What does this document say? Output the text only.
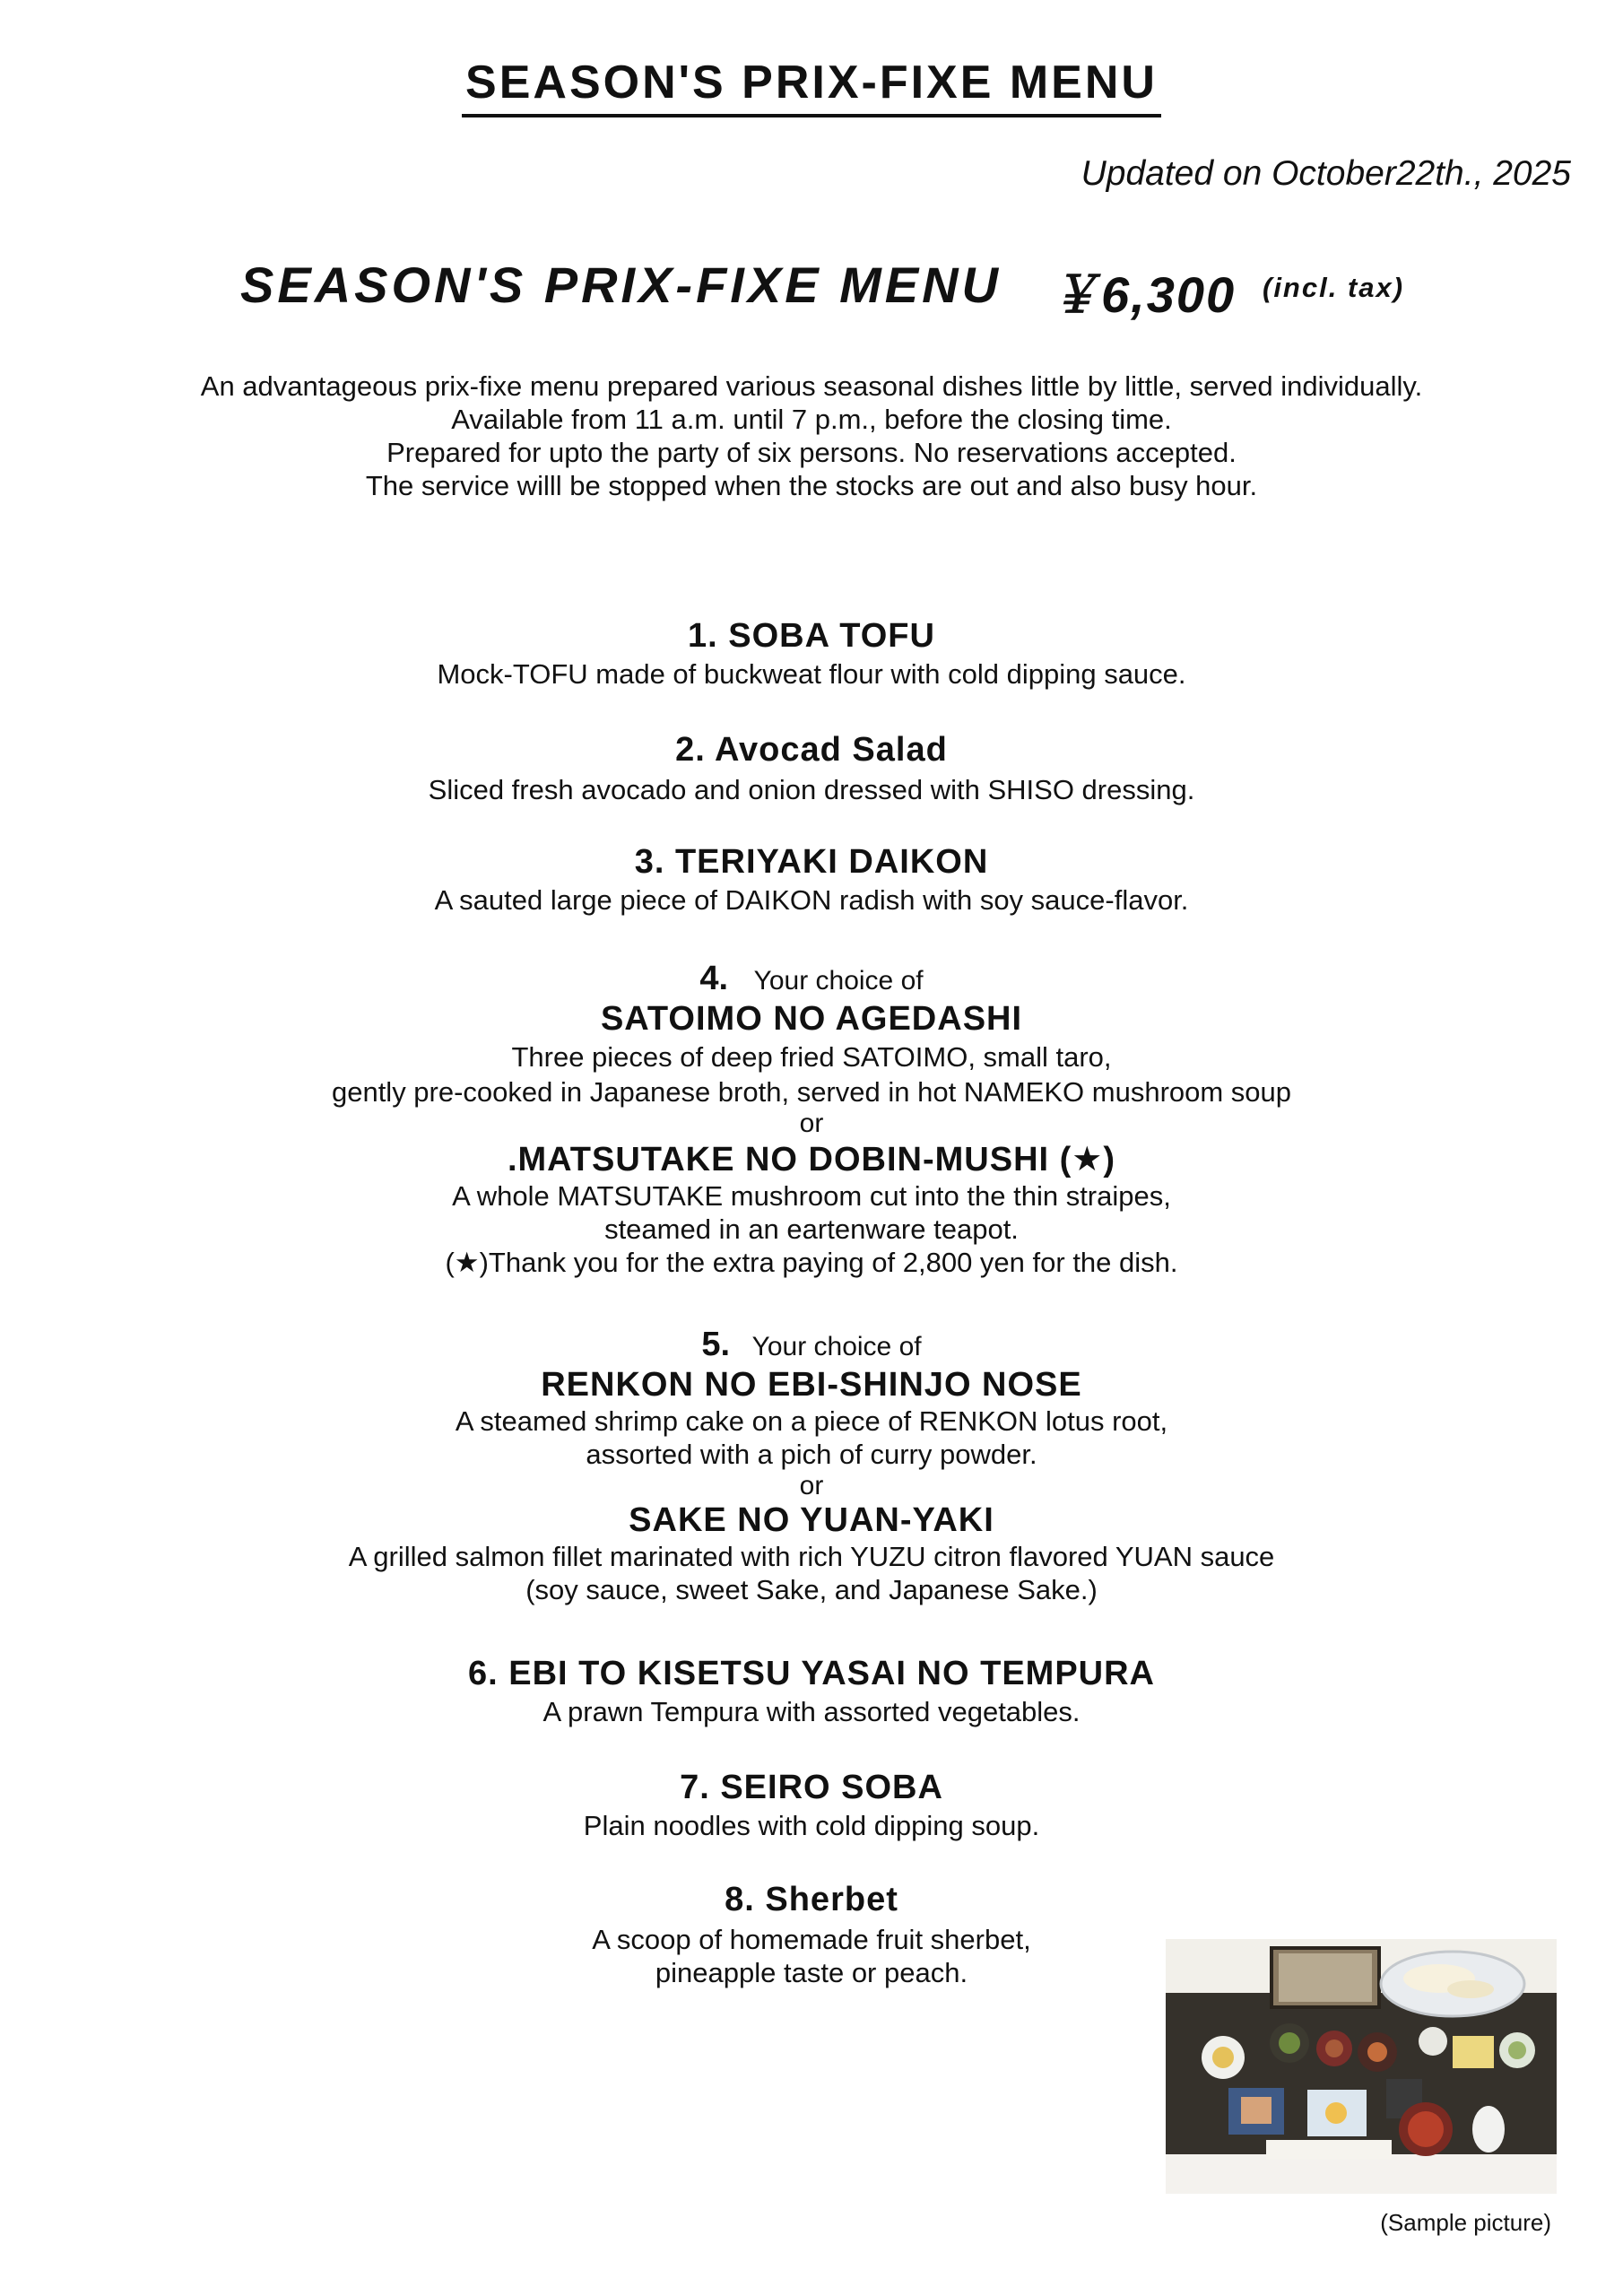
SEASON'S PRIX-FIXE MENU
Updated on October22th., 2025
SEASON'S PRIX-FIXE MENU ￥6,300 (incl. tax)
An advantageous prix-fixe menu prepared various seasonal dishes little by little, served individually.
Available from 11 a.m. until 7 p.m., before the closing time.
Prepared for upto the party of six persons. No reservations accepted.
The service willl be stopped when the stocks are out and also busy hour.
1. SOBA TOFU
Mock-TOFU made of buckweat flour with cold dipping sauce.
2. Avocad Salad
Sliced fresh avocado and onion dressed with SHISO dressing.
3. TERIYAKI DAIKON
A sauted large piece of DAIKON radish with soy sauce-flavor.
4. Your choice of
SATOIMO NO AGEDASHI
Three pieces of deep fried SATOIMO, small taro,
gently pre-cooked in Japanese broth, served in hot NAMEKO mushroom soup
or
.MATSUTAKE NO DOBIN-MUSHI (★)
A whole MATSUTAKE mushroom cut into the thin straipes,
steamed in an eartenware teapot.
(★)Thank you for the extra paying of 2,800 yen for the dish.
5. Your choice of
RENKON NO EBI-SHINJO NOSE
A steamed shrimp cake on a piece of RENKON lotus root,
assorted with a pich of curry powder.
or
SAKE NO YUAN-YAKI
A grilled salmon fillet marinated with rich YUZU citron flavored YUAN sauce
(soy sauce, sweet Sake, and Japanese Sake.)
6. EBI TO KISETSU YASAI NO TEMPURA
A prawn Tempura with assorted vegetables.
7. SEIRO SOBA
Plain noodles with cold dipping soup.
8. Sherbet
A scoop of homemade fruit sherbet,
pineapple taste or peach.
(Sample picture)
